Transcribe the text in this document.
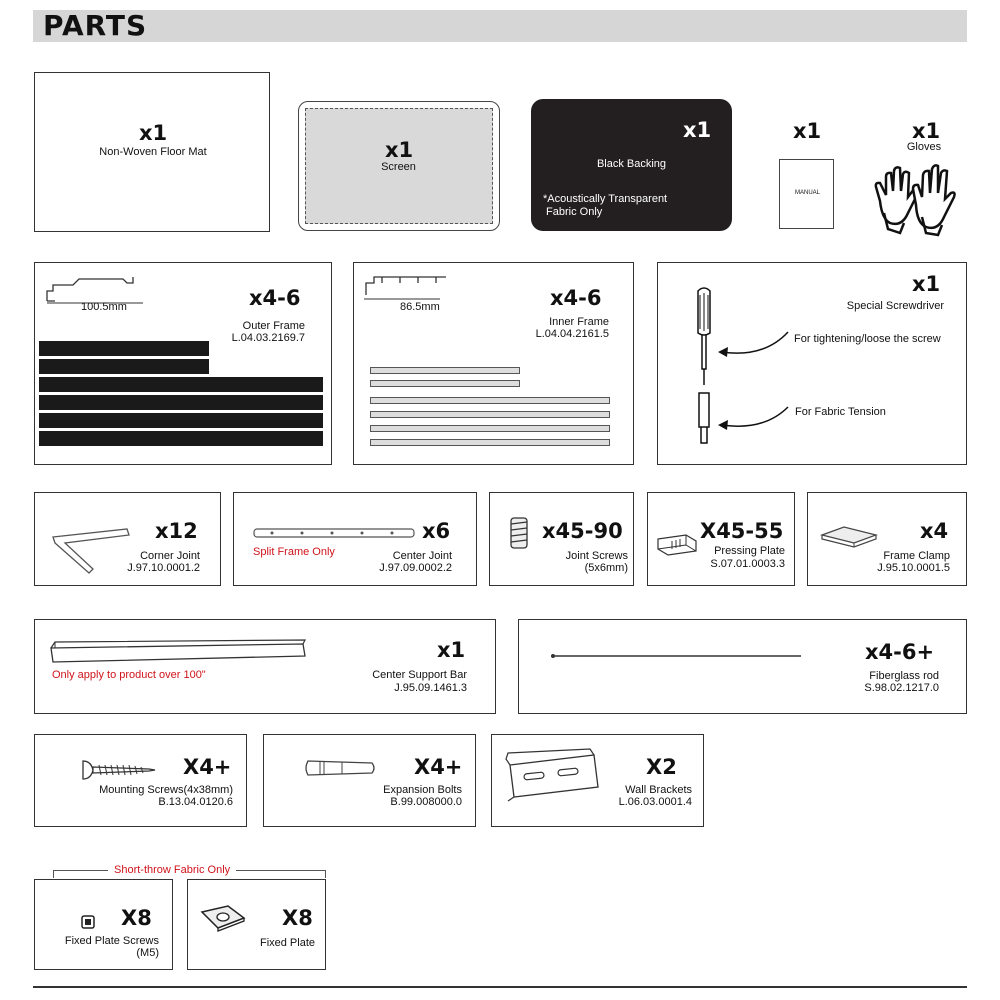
PARTS
x1
Non-Woven Floor Mat	x1
Screen
x1
Black Backing
*Acoustically Transparent
Fabric Only
x1
MANUAL
x1
Gloves
100.5mm	x4-6
Outer Frame
L.04.03.2169.7
86.5mm	x4-6
Inner Frame
L.04.04.2161.5
x1
Special Screwdriver
For tightening/loose the screw
For Fabric Tension
x12
Corner Joint
J.97.10.0001.2
Split Frame Only
x6
Center Joint
J.97.09.0002.2
x45-90
Joint Screws
(5x6mm)
X45-55
Pressing Plate
S.07.01.0003.3
x4
Frame Clamp
J.95.10.0001.5
Only apply to product over 100"
x1
Center Support Bar
J.95.09.1461.3
x4-6+
Fiberglass rod
S.98.02.1217.0
X4+
Mounting Screws(4x38mm)
B.13.04.0120.6
X4+
Expansion Bolts
B.99.008000.0
X2
Wall Brackets
L.06.03.0001.4
Short-throw Fabric Only
X8
Fixed Plate Screws
(M5)
X8
Fixed Plate
